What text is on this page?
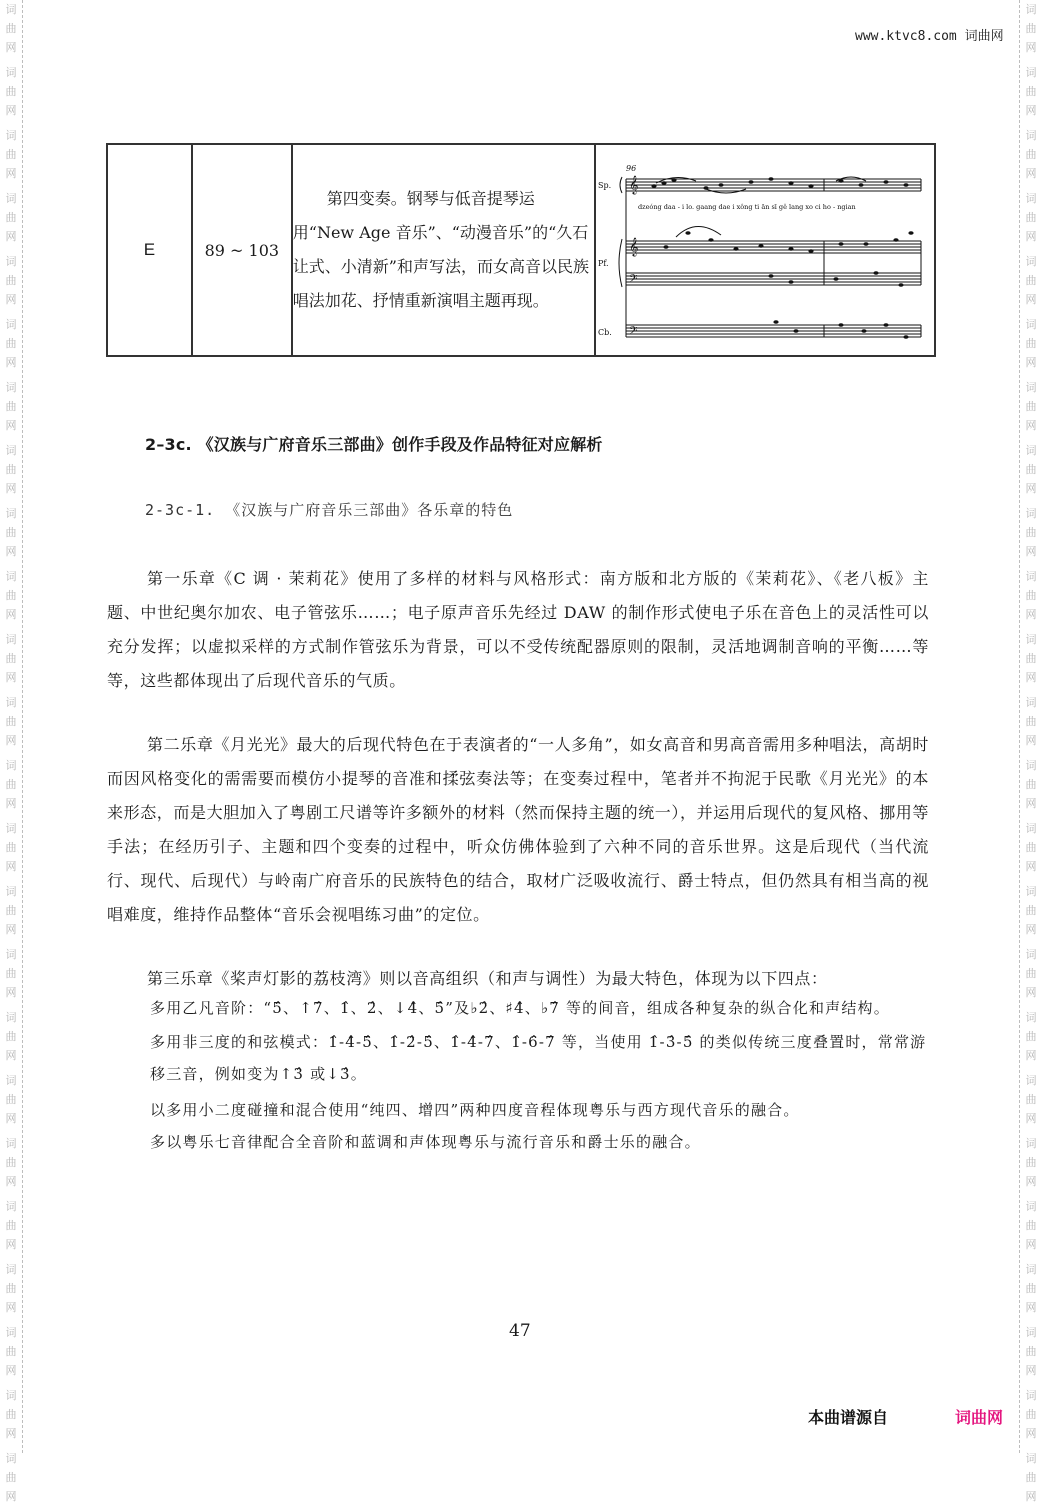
词
曲
网
词
曲
网
词
曲
网
词
曲
网
词
曲
网
词
曲
网
词
曲
网
词
曲
网
词
曲
网
词
曲
网
词
曲
网
词
曲
网
词
曲
网
词
曲
网
词
曲
网
词
曲
网
词
曲
网
词
曲
网
词
曲
网
词
曲
网
词
曲
网
词
曲
网
词
曲
网
词
曲
网
词
曲
网
词
曲
网
词
曲
网
词
曲
网
词
曲
网
词
曲
网
词
曲
网
词
曲
网
词
曲
网
词
曲
网
词
曲
网
词
曲
网
词
曲
网
词
曲
网
词
曲
网
词
曲
网
词
曲
网
词
曲
网
词
曲
网
词
曲
网
词
曲
网
词
曲
网
词
曲
网
词
曲
网
www.ktvc8.com 词曲网
E	89 ~ 103	第四变奏。钢琴与低音提琴运用“New Age 音乐”、“动漫音乐”的“久石让式、小清新”和声写法，而女高音以民族唱法加花、抒情重新演唱主题再现。	
96
Sp.
Pf.
Cb.
dzeóng daa - i lo. gaang dae i xông ti ān sī gě lang xo ci ho - ngian
𝄞
𝄞
𝄢
𝄢
2–3c. 《汉族与广府音乐三部曲》创作手段及作品特征对应解析
2-3c-1. 《汉族与广府音乐三部曲》各乐章的特色
第一乐章《C 调 · 茉莉花》使用了多样的材料与风格形式：南方版和北方版的《茉莉花》、《老八板》主题、中世纪奥尔加农、电子管弦乐……；电子原声音乐先经过 DAW 的制作形式使电子乐在音色上的灵活性可以充分发挥；以虚拟采样的方式制作管弦乐为背景，可以不受传统配器原则的限制，灵活地调制音响的平衡……等等，这些都体现出了后现代音乐的气质。
第二乐章《月光光》最大的后现代特色在于表演者的“一人多角”，如女高音和男高音需用多种唱法，高胡时而因风格变化的需需要而模仿小提琴的音准和揉弦奏法等；在变奏过程中，笔者并不拘泥于民歌《月光光》的本来形态，而是大胆加入了粤剧工尺谱等许多额外的材料（然而保持主题的统一），并运用后现代的复风格、挪用等手法；在经历引子、主题和四个变奏的过程中，听众仿佛体验到了六种不同的音乐世界。这是后现代（当代流行、现代、后现代）与岭南广府音乐的民族特色的结合，取材广泛吸收流行、爵士特点，但仍然具有相当高的视唱难度，维持作品整体“音乐会视唱练习曲”的定位。
第三乐章《桨声灯影的荔枝湾》则以音高组织（和声与调性）为最大特色，体现为以下四点：
多用乙凡音阶：“5̂、↑7̂、1̂、2̂、↓4̂、5̂”及♭2̂、♯4̂、♭7̂ 等的间音，组成各种复杂的纵合化和声结构。
多用非三度的和弦模式：1̂-4̂-5̂、1̂-2̂-5̂、1̂-4̂-7̂、1̂-6̂-7̂ 等，当使用 1̂-3̂-5̂ 的类似传统三度叠置时，常常游移三音，例如变为↑3̂ 或↓3̂。
以多用小二度碰撞和混合使用“纯四、增四”两种四度音程体现粤乐与西方现代音乐的融合。
多以粤乐七音律配合全音阶和蓝调和声体现粤乐与流行音乐和爵士乐的融合。
47
本曲谱源自	词曲网
